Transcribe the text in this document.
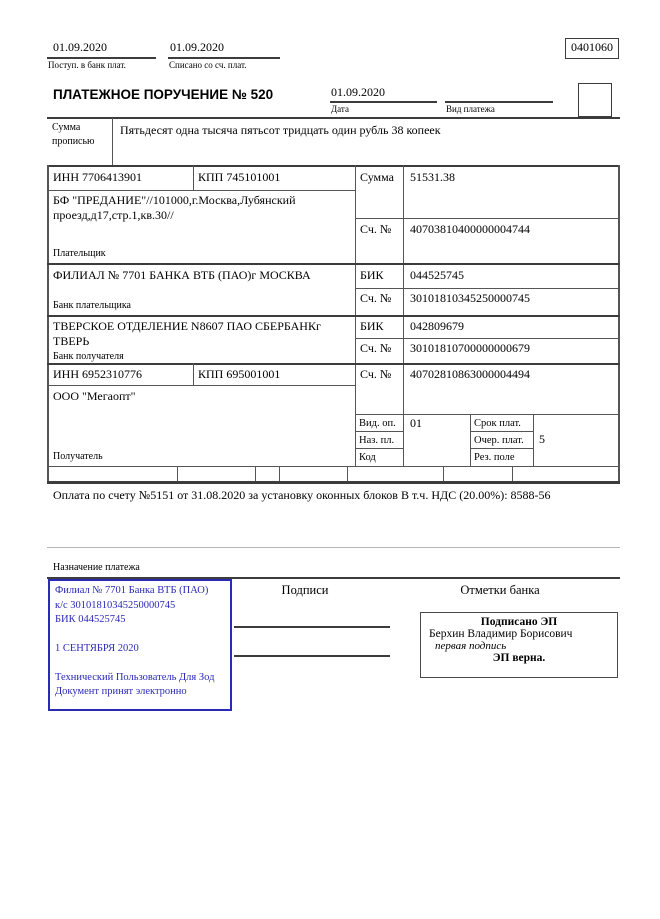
01.09.2020
Поступ. в банк плат.
01.09.2020
Списано со сч. плат.
0401060
ПЛАТЕЖНОЕ ПОРУЧЕНИЕ № 520	01.09.2020
Дата	Вид платежа
Сумма
прописью
Пятьдесят одна тысяча пятьсот тридцать один рубль 38 копеек
ИНН 7706413901	КПП 745101001
БФ "ПРЕДАНИЕ"//101000,г.Москва,Лубянский проезд,д17,стр.1,кв.30//
Плательщик
Сумма 51531.38
Сч. № 40703810400000004744
ФИЛИАЛ № 7701 БАНКА ВТБ (ПАО)г МОСКВА
Банк плательщика
БИК 044525745
Сч. № 30101810345250000745
ТВЕРСКОЕ ОТДЕЛЕНИЕ N8607 ПАО СБЕРБАНКг ТВЕРЬ
Банк получателя
БИК 042809679
Сч. № 30101810700000000679
ИНН 6952310776	КПП 695001001
ООО "Мегаопт"
Получатель
Сч. № 40702810863000004494
Вид. оп. 01	Срок плат.
Наз. пл.	Очер. плат. 5
Код	Рез. поле
Оплата по счету №5151 от 31.08.2020 за установку оконных блоков В т.ч. НДС (20.00%): 8588-56
Назначение платежа
Филиал № 7701 Банка ВТБ (ПАО)
к/с 30101810345250000745
БИК 044525745
1 СЕНТЯБРЯ 2020
Технический Пользователь Для Зод
Документ принят электронно
Подписи	Отметки банка
Подписано ЭП
Берхин Владимир Борисович
первая подпись
ЭП верна.
